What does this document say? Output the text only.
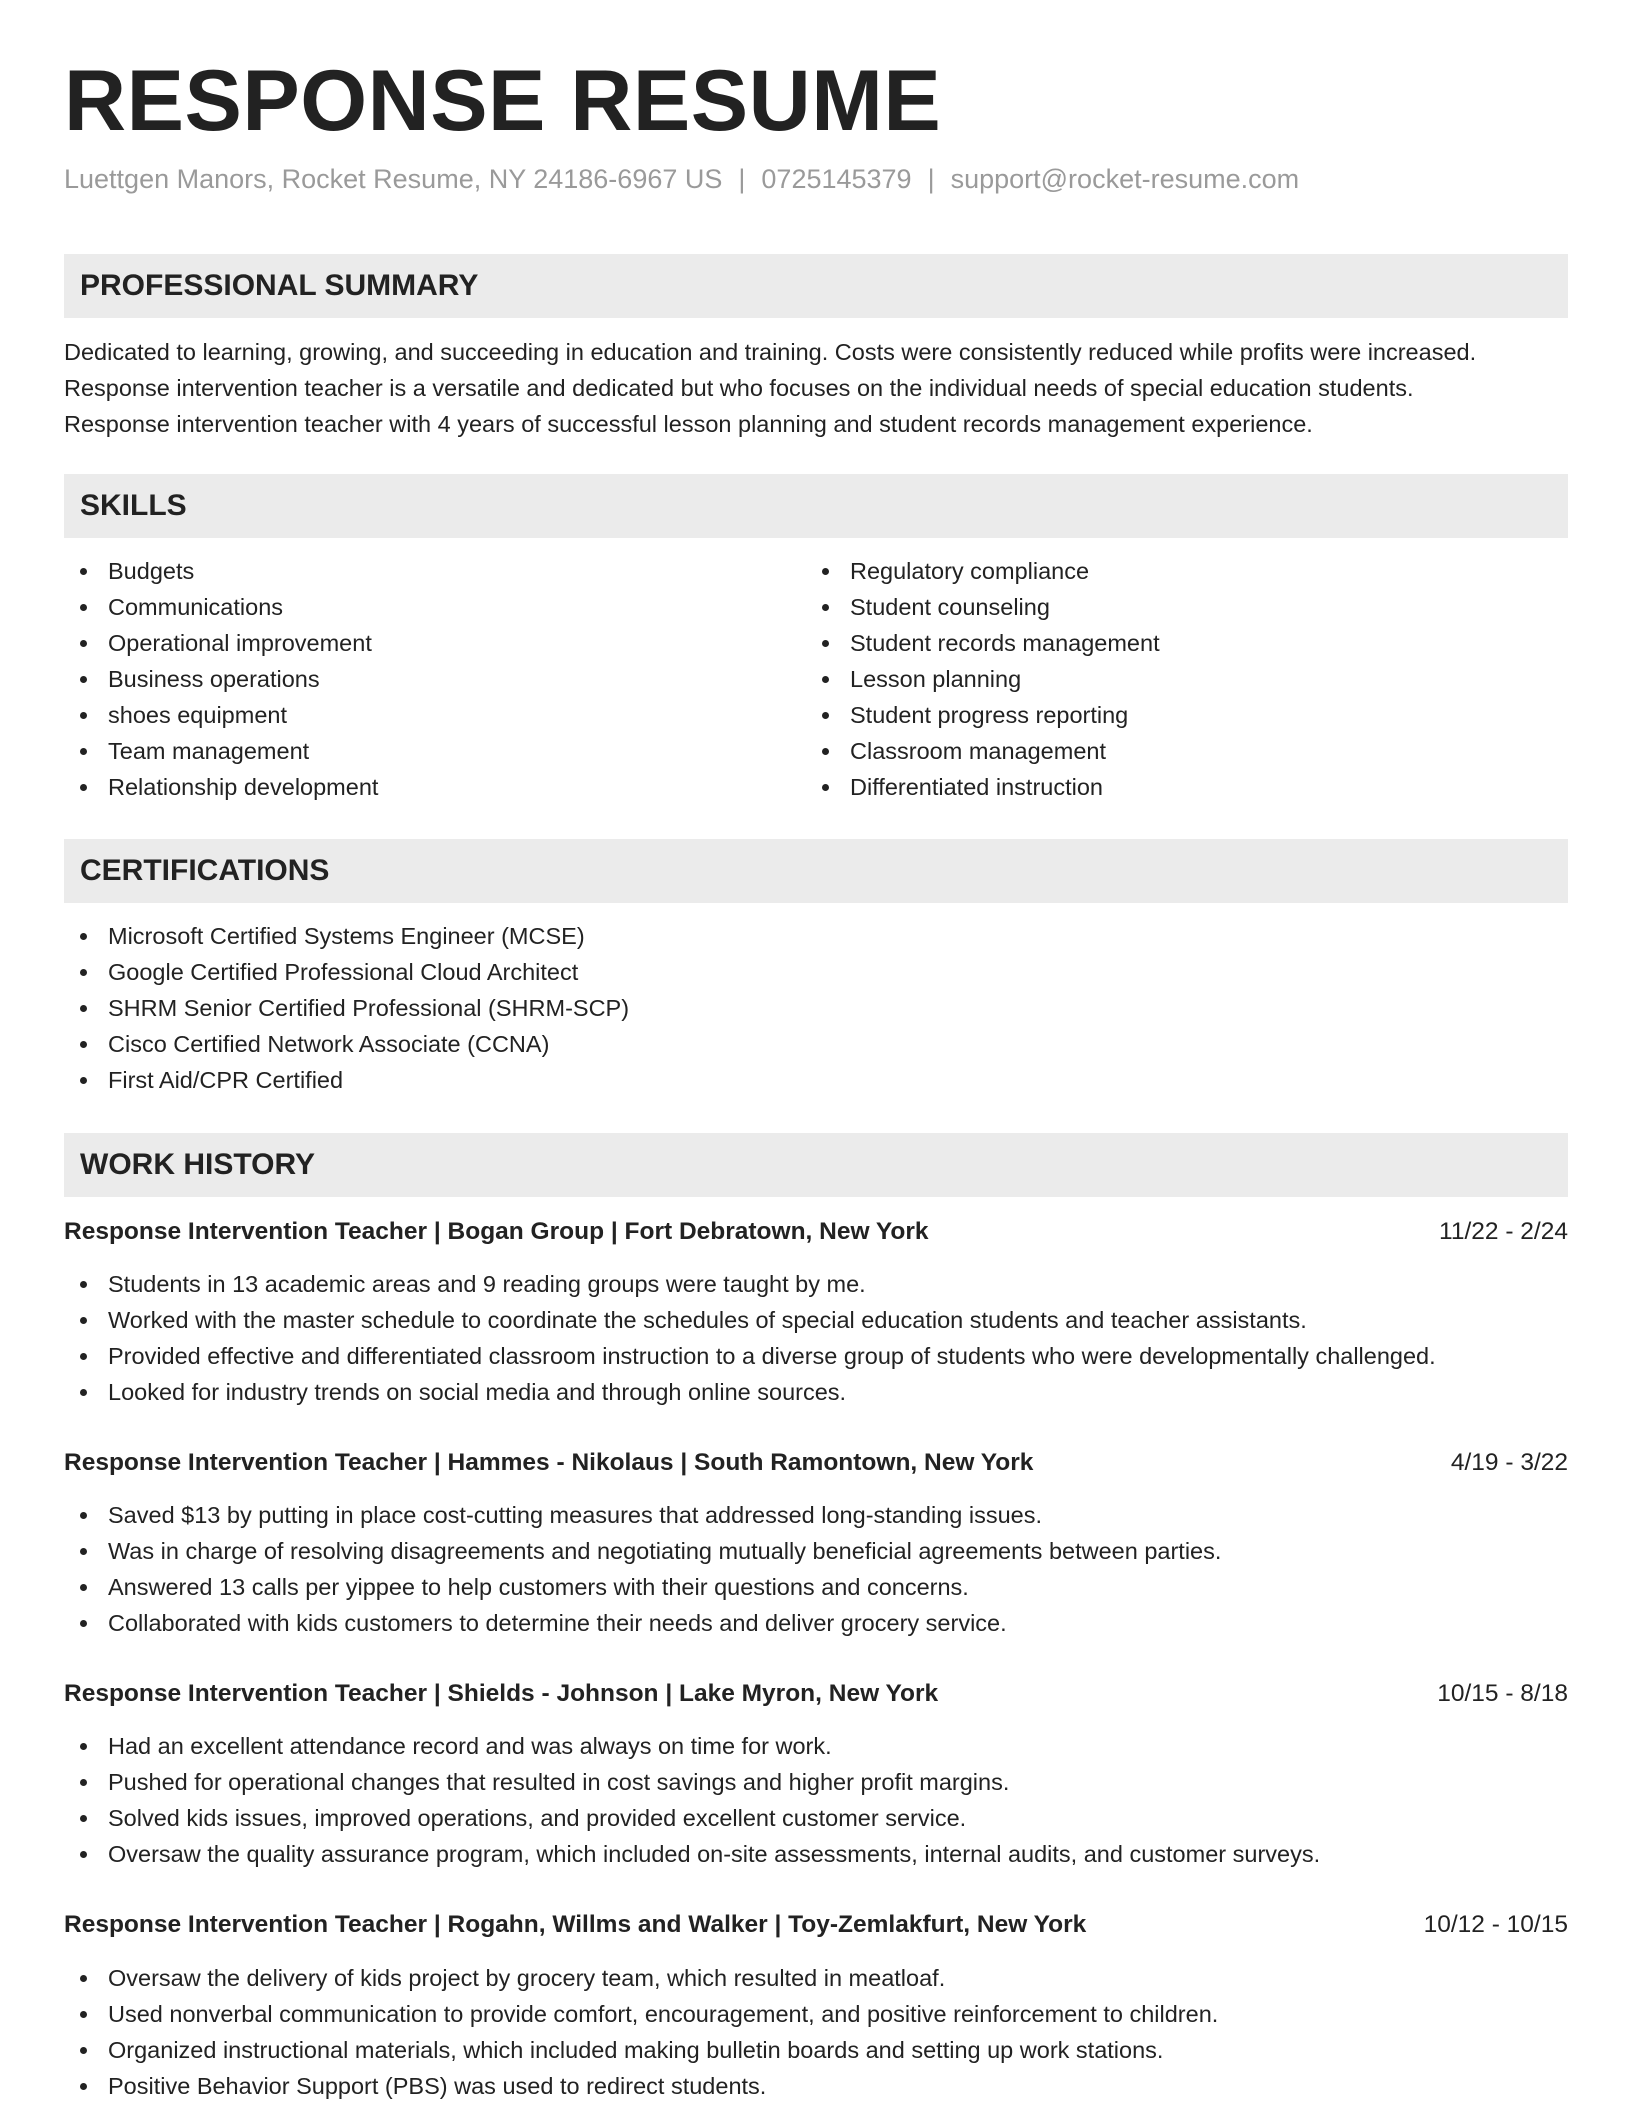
RESPONSE RESUME
Luettgen Manors, Rocket Resume, NY 24186-6967 US | 0725145379 | support@rocket-resume.com
PROFESSIONAL SUMMARY

Dedicated to learning, growing, and succeeding in education and training. Costs were consistently reduced while profits were increased.

Response intervention teacher is a versatile and dedicated but who focuses on the individual needs of special education students.

Response intervention teacher with 4 years of successful lesson planning and student records management experience.

SKILLS
Budgets
Communications
Operational improvement
Business operations
shoes equipment
Team management
Relationship development
Regulatory compliance
Student counseling
Student records management
Lesson planning
Student progress reporting
Classroom management
Differentiated instruction
CERTIFICATIONS
Microsoft Certified Systems Engineer (MCSE)
Google Certified Professional Cloud Architect
SHRM Senior Certified Professional (SHRM-SCP)
Cisco Certified Network Associate (CCNA)
First Aid/CPR Certified
WORK HISTORY
Response Intervention Teacher | Bogan Group | Fort Debratown, New York	11/22 - 2/24
Students in 13 academic areas and 9 reading groups were taught by me.
Worked with the master schedule to coordinate the schedules of special education students and teacher assistants.
Provided effective and differentiated classroom instruction to a diverse group of students who were developmentally challenged.
Looked for industry trends on social media and through online sources.
Response Intervention Teacher | Hammes - Nikolaus | South Ramontown, New York	4/19 - 3/22
Saved $13 by putting in place cost-cutting measures that addressed long-standing issues.
Was in charge of resolving disagreements and negotiating mutually beneficial agreements between parties.
Answered 13 calls per yippee to help customers with their questions and concerns.
Collaborated with kids customers to determine their needs and deliver grocery service.
Response Intervention Teacher | Shields - Johnson | Lake Myron, New York	10/15 - 8/18
Had an excellent attendance record and was always on time for work.
Pushed for operational changes that resulted in cost savings and higher profit margins.
Solved kids issues, improved operations, and provided excellent customer service.
Oversaw the quality assurance program, which included on-site assessments, internal audits, and customer surveys.
Response Intervention Teacher | Rogahn, Willms and Walker | Toy-Zemlakfurt, New York	10/12 - 10/15
Oversaw the delivery of kids project by grocery team, which resulted in meatloaf.
Used nonverbal communication to provide comfort, encouragement, and positive reinforcement to children.
Organized instructional materials, which included making bulletin boards and setting up work stations.
Positive Behavior Support (PBS) was used to redirect students.
